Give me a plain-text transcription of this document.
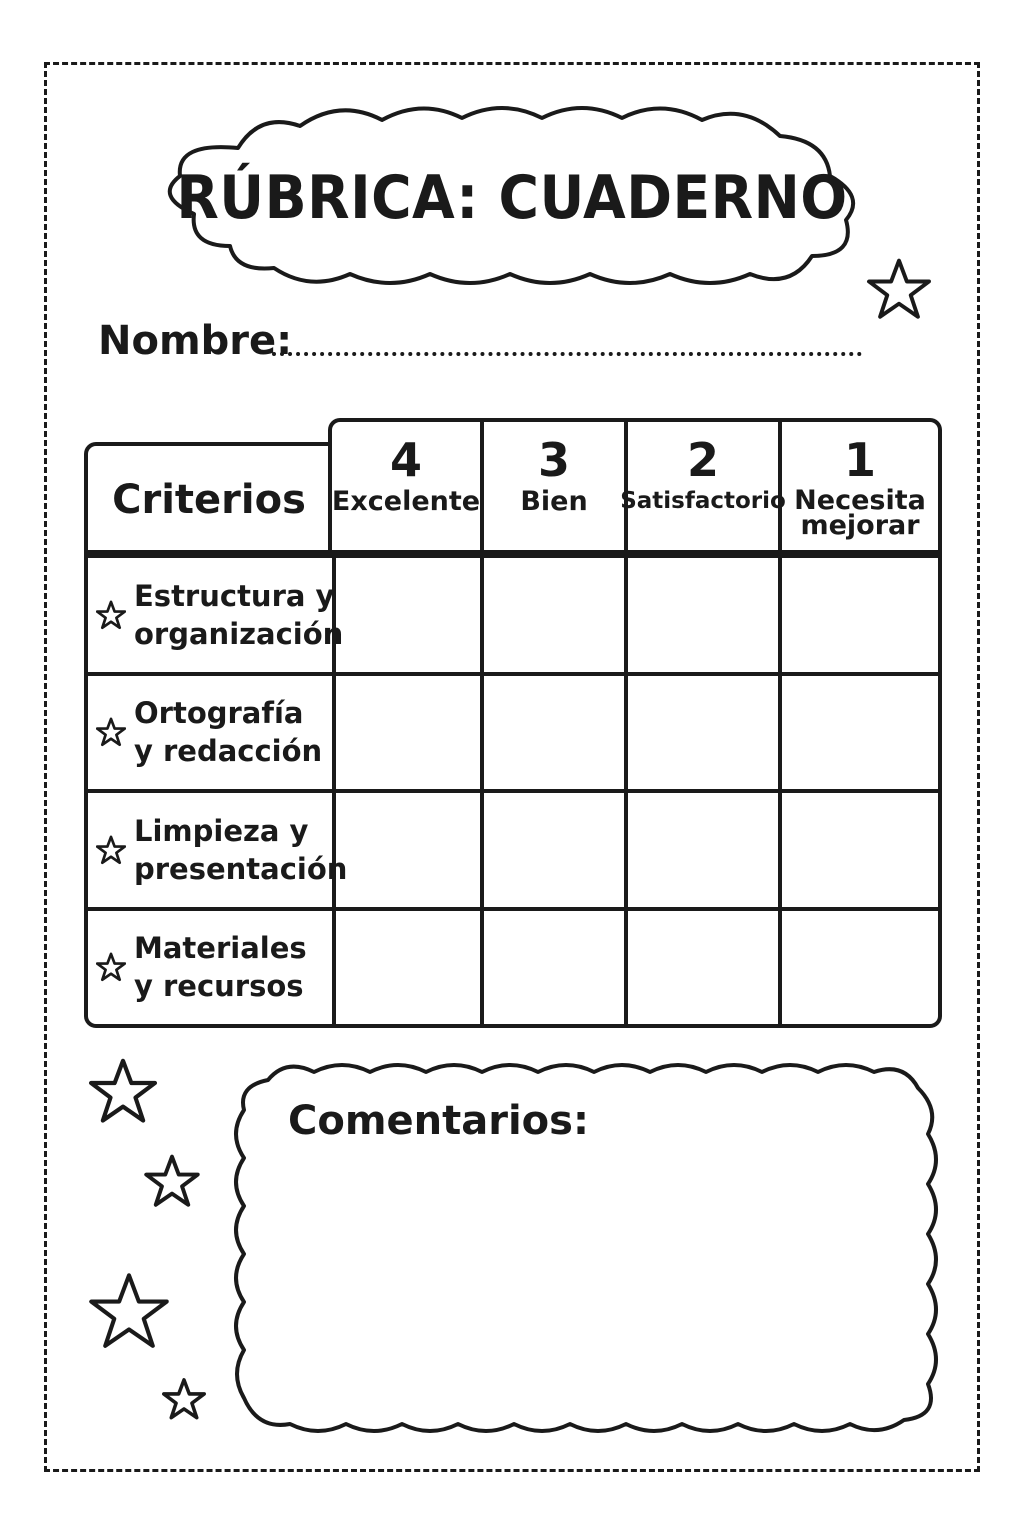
RÚBRICA: CUADERNO
Nombre:
Criterios
4
Excelente
3
Bien
2
Satisfactorio
1
Necesita
mejorar
Estructura y
organización
Ortografía
y redacción
Limpieza y
presentación
Materiales
y recursos
Comentarios:
